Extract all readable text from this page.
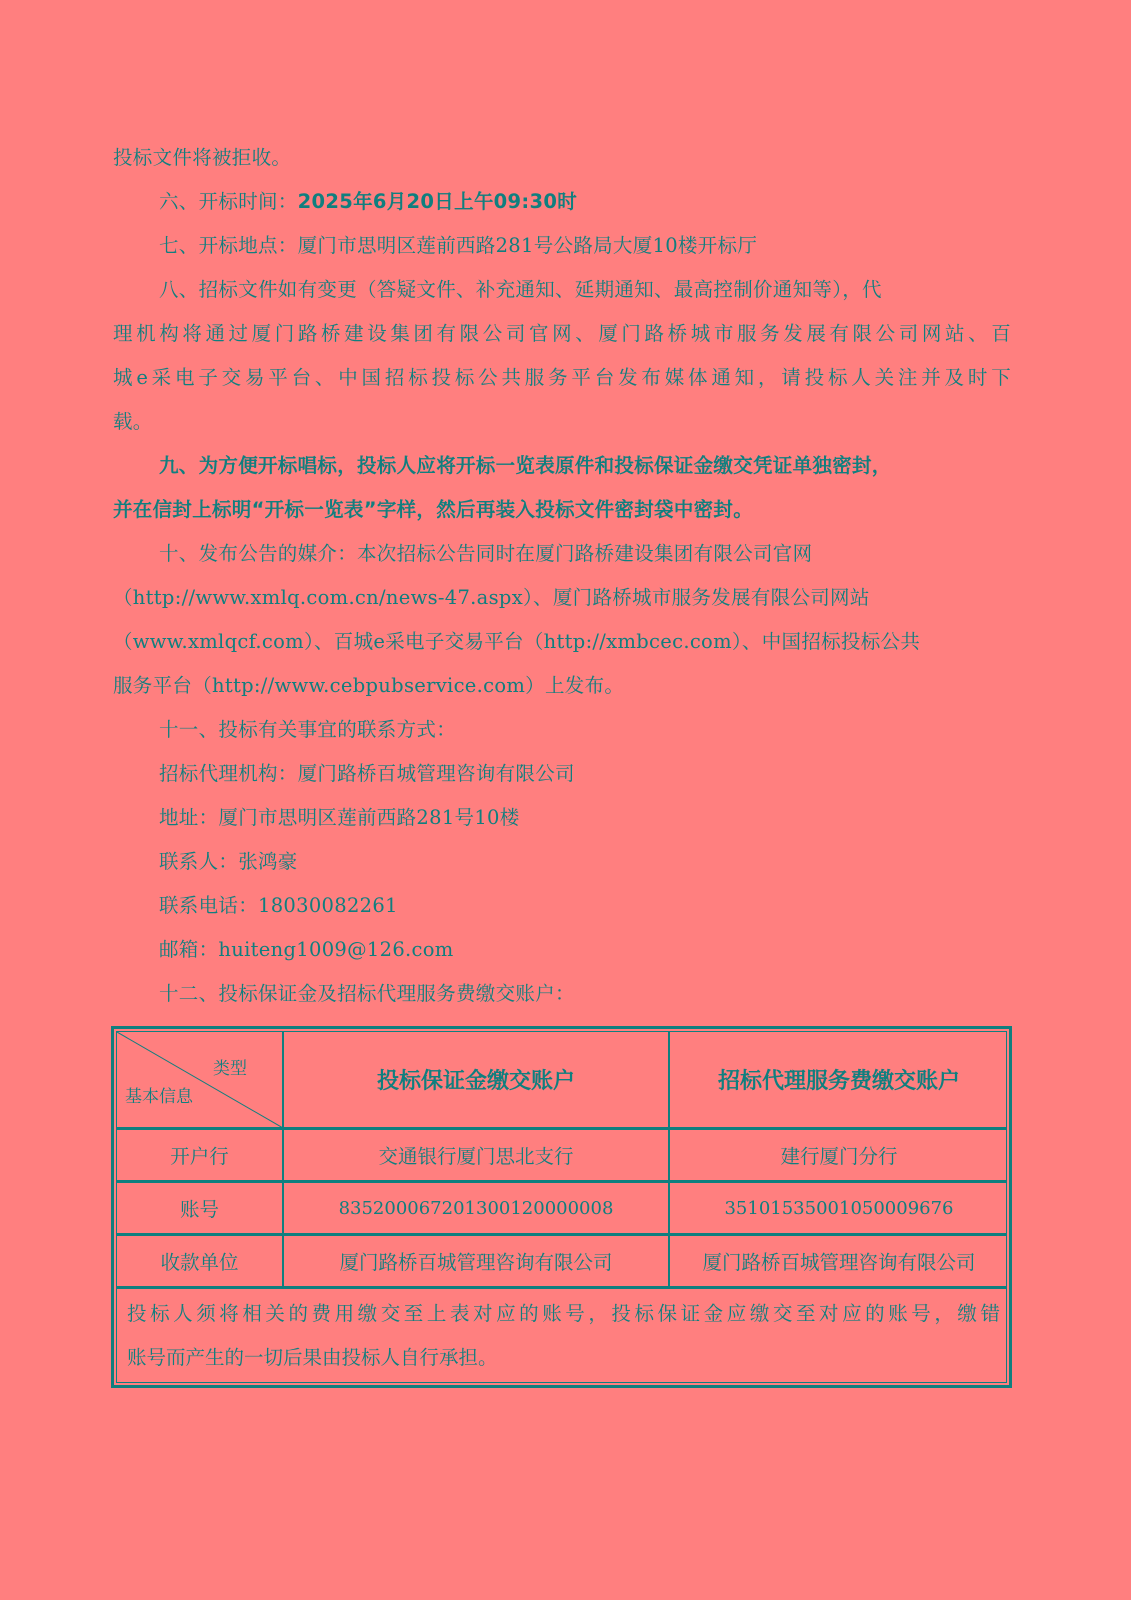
投标文件将被拒收。
六、开标时间：2025年6月20日上午09:30时
七、开标地点：厦门市思明区莲前西路281号公路局大厦10楼开标厅
八、招标文件如有变更（答疑文件、补充通知、延期通知、最高控制价通知等），代
理机构将通过厦门路桥建设集团有限公司官网、厦门路桥城市服务发展有限公司网站、百
城e采电子交易平台、中国招标投标公共服务平台发布媒体通知，请投标人关注并及时下
载。
九、为方便开标唱标，投标人应将开标一览表原件和投标保证金缴交凭证单独密封，
并在信封上标明“开标一览表”字样，然后再装入投标文件密封袋中密封。
十、发布公告的媒介：本次招标公告同时在厦门路桥建设集团有限公司官网
（http://www.xmlq.com.cn/news-47.aspx）、厦门路桥城市服务发展有限公司网站
（www.xmlqcf.com）、百城e采电子交易平台（http://xmbcec.com）、中国招标投标公共
服务平台（http://www.cebpubservice.com）上发布。
十一、投标有关事宜的联系方式：
招标代理机构：厦门路桥百城管理咨询有限公司
地址：厦门市思明区莲前西路281号10楼
联系人：张鸿豪
联系电话：18030082261
邮箱：huiteng1009@126.com
十二、投标保证金及招标代理服务费缴交账户：
类型
基本信息
投标保证金缴交账户	招标代理服务费缴交账户
开户行	交通银行厦门思北支行	建行厦门分行
账号	835200067201300120000008	35101535001050009676
收款单位	厦门路桥百城管理咨询有限公司	厦门路桥百城管理咨询有限公司
投标人须将相关的费用缴交至上表对应的账号，投标保证金应缴交至对应的账号，缴错
账号而产生的一切后果由投标人自行承担。
